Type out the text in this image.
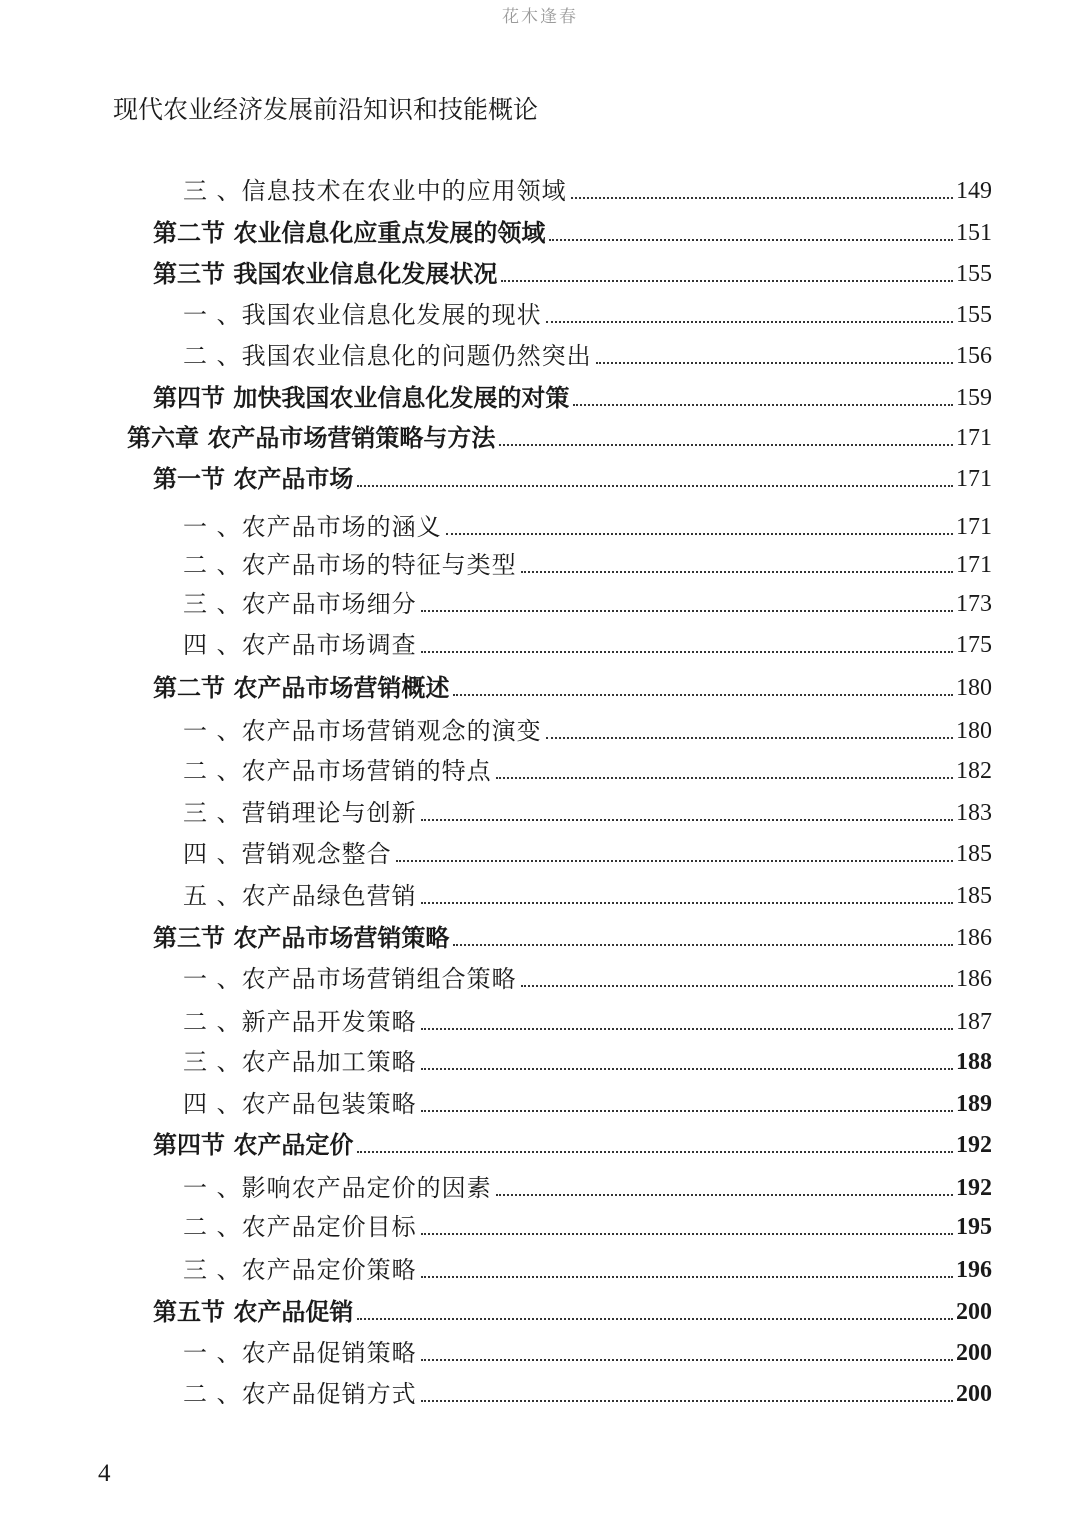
花木逢春
现代农业经济发展前沿知识和技能概论
三 、信息技术在农业中的应用领域	149
第二节 农业信息化应重点发展的领域	151
第三节 我国农业信息化发展状况	155
一 、我国农业信息化发展的现状	155
二 、我国农业信息化的问题仍然突出	156
第四节 加快我国农业信息化发展的对策	159
第六章 农产品市场营销策略与方法	171
第一节 农产品市场	171
一 、农产品市场的涵义	171
二 、农产品市场的特征与类型	171
三 、农产品市场细分	173
四 、农产品市场调查	175
第二节 农产品市场营销概述	180
一 、农产品市场营销观念的演变	180
二 、农产品市场营销的特点	182
三 、营销理论与创新	183
四 、营销观念整合	185
五 、农产品绿色营销	185
第三节 农产品市场营销策略	186
一 、农产品市场营销组合策略	186
二 、新产品开发策略	187
三 、农产品加工策略	188
四 、农产品包装策略	189
第四节 农产品定价	192
一 、影响农产品定价的因素	192
二 、农产品定价目标	195
三 、农产品定价策略	196
第五节 农产品促销	200
一 、农产品促销策略	200
二 、农产品促销方式	200
4
